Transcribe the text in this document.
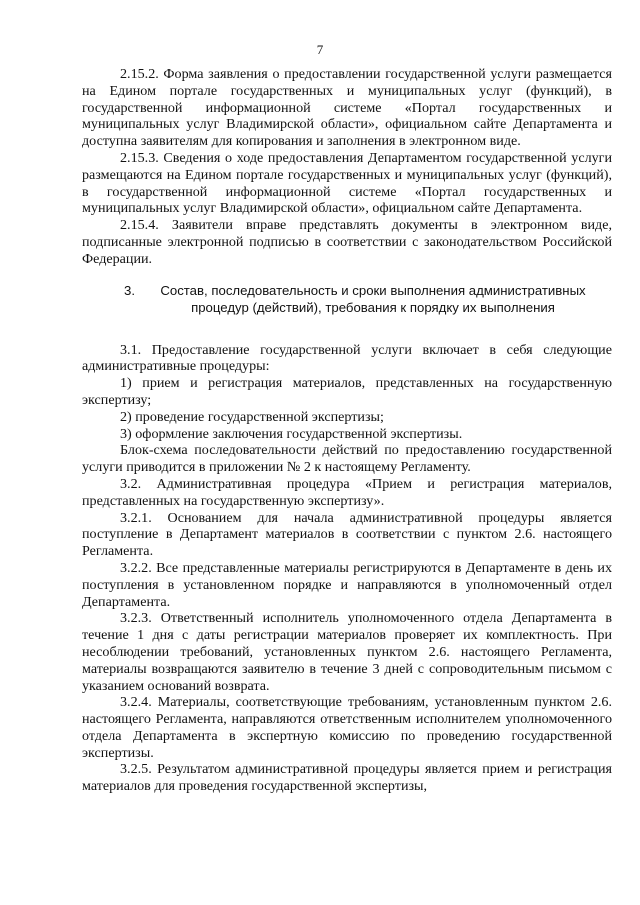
7

2.15.2. Форма заявления о предоставлении государственной услуги размещается на Едином портале государственных и муниципальных услуг (функций), в государственной информационной системе «Портал государственных и муниципальных услуг Владимирской области», официальном сайте Департамента и доступна заявителям для копирования и заполнения в электронном виде.

2.15.3. Сведения о ходе предоставления Департаментом государственной услуги размещаются на Едином портале государственных и муниципальных услуг (функций), в государственной информационной системе «Портал государственных и муниципальных услуг Владимирской области», официальном сайте Департамента.

2.15.4. Заявители вправе представлять документы в электронном виде, подписанные электронной подписью в соответствии с законодательством Российской Федерации.

3.	Состав, последовательность и сроки выполнения административных процедур (действий), требования к порядку их выполнения

3.1. Предоставление государственной услуги включает в себя следующие административные процедуры:

1) прием и регистрация материалов, представленных на государственную экспертизу;

2) проведение государственной экспертизы;

3) оформление заключения государственной экспертизы.

Блок-схема последовательности действий по предоставлению государственной услуги приводится в приложении № 2 к настоящему Регламенту.

3.2. Административная процедура «Прием и регистрация материалов, представленных на государственную экспертизу».

3.2.1. Основанием для начала административной процедуры является поступление в Департамент материалов в соответствии с пунктом 2.6. настоящего Регламента.

3.2.2. Все представленные материалы регистрируются в Департаменте в день их поступления в установленном порядке и направляются в уполномоченный отдел Департамента.

3.2.3. Ответственный исполнитель уполномоченного отдела Департамента в течение 1 дня с даты регистрации материалов проверяет их комплектность. При несоблюдении требований, установленных пунктом 2.6. настоящего Регламента, материалы возвращаются заявителю в течение 3 дней с сопроводительным письмом с указанием оснований возврата.

3.2.4. Материалы, соответствующие требованиям, установленным пунктом 2.6. настоящего Регламента, направляются ответственным исполнителем уполномоченного отдела Департамента в экспертную комиссию по проведению государственной экспертизы.

3.2.5. Результатом административной процедуры является прием и регистрация материалов для проведения государственной экспертизы,
